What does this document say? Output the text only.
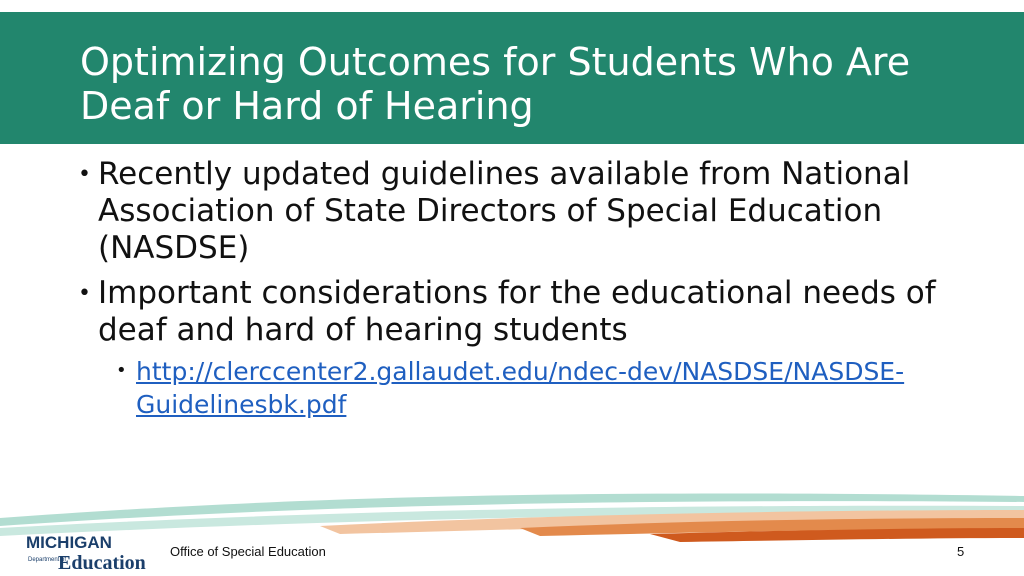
Optimizing Outcomes for Students Who Are Deaf or Hard of Hearing
• Recently updated guidelines available from National Association of State Directors of Special Education (NASDSE)
• Important considerations for the educational needs of deaf and hard of hearing students
• http://clerccenter2.gallaudet.edu/ndec-dev/NASDSE/NASDSE-Guidelinesbk.pdf
MICHIGAN
Department of
Education
Office of Special Education	5
